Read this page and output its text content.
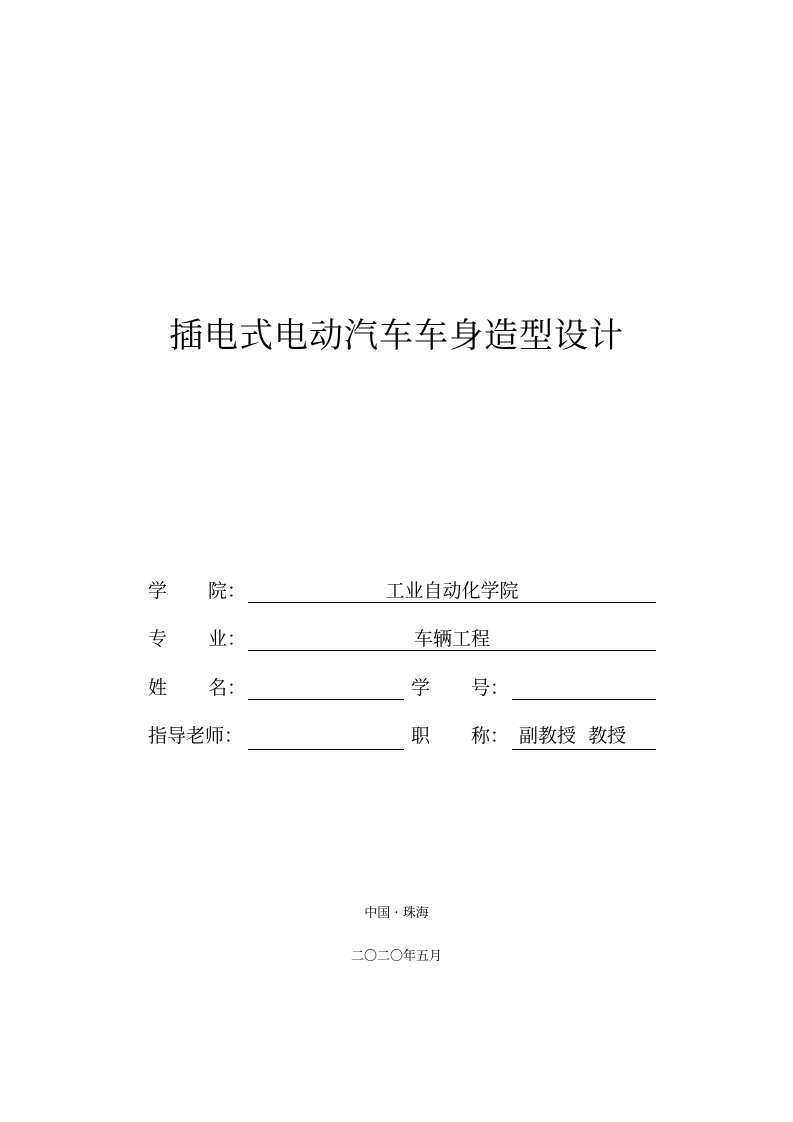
插电式电动汽车车身造型设计
学 院：	工业自动化学院
专 业：	车辆工程
姓 名：	学 号：
指导老师：	职 称： 副教授  教授
中国 · 珠海
二〇二〇年五月
